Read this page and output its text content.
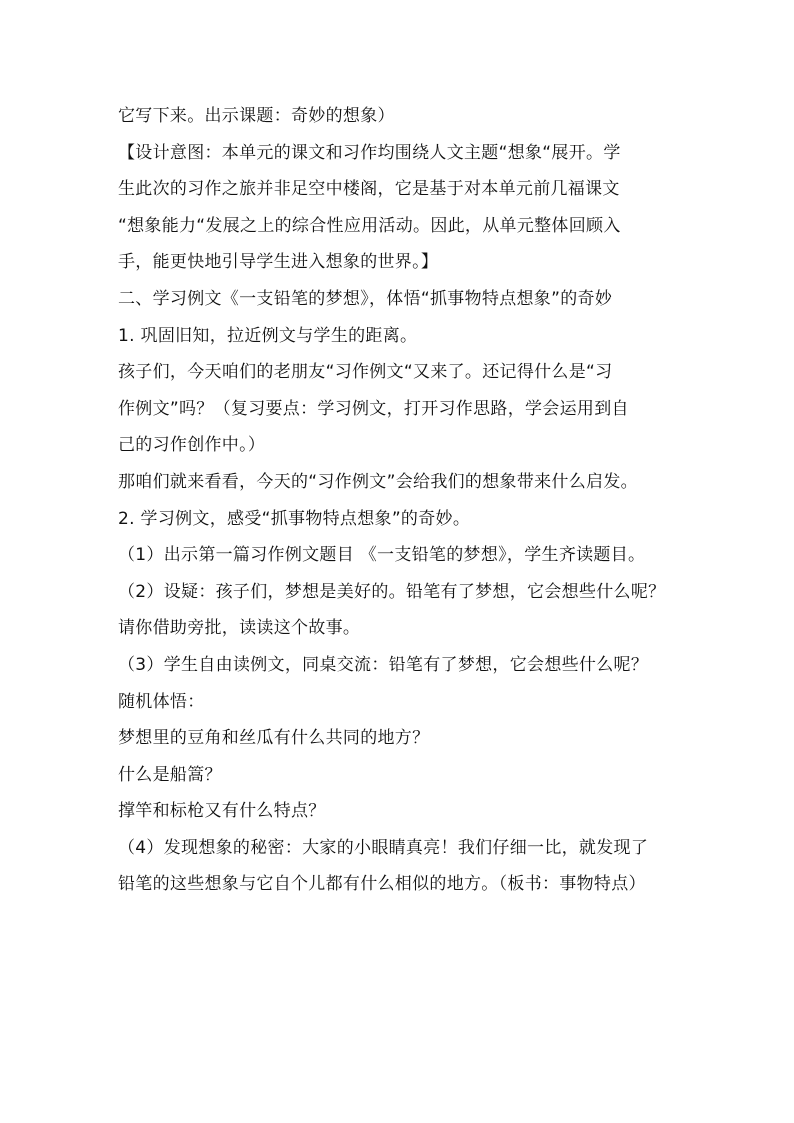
它写下来。出示课题：奇妙的想象）
【设计意图：本单元的课文和习作均围绕人文主题“想象“展开。学
生此次的习作之旅并非足空中楼阁，它是基于对本单元前几福课文
“想象能力“发展之上的综合性应用活动。因此，从单元整体回顾入
手，能更快地引导学生进入想象的世界。】
二、学习例文《一支铅笔的梦想》，体悟“抓事物特点想象”的奇妙
1. 巩固旧知，拉近例文与学生的距离。
孩子们，今天咱们的老朋友“习作例文“又来了。还记得什么是“习
作例文”吗？（复习要点：学习例文，打开习作思路，学会运用到自
己的习作创作中。）
那咱们就来看看，今天的“习作例文”会给我们的想象带来什么启发。
2. 学习例文，感受“抓事物特点想象”的奇妙。
（1）出示第一篇习作例文题目 《一支铅笔的梦想》，学生齐读题目。
（2）设疑：孩子们，梦想是美好的。铅笔有了梦想，它会想些什么呢？
请你借助旁批，读读这个故事。
（3）学生自由读例文，同桌交流：铅笔有了梦想，它会想些什么呢？
随机体悟：
梦想里的豆角和丝瓜有什么共同的地方？
什么是船篙？
撑竿和标枪又有什么特点？
（4）发现想象的秘密：大家的小眼睛真亮！我们仔细一比，就发现了
铅笔的这些想象与它自个儿都有什么相似的地方。（板书：事物特点）
